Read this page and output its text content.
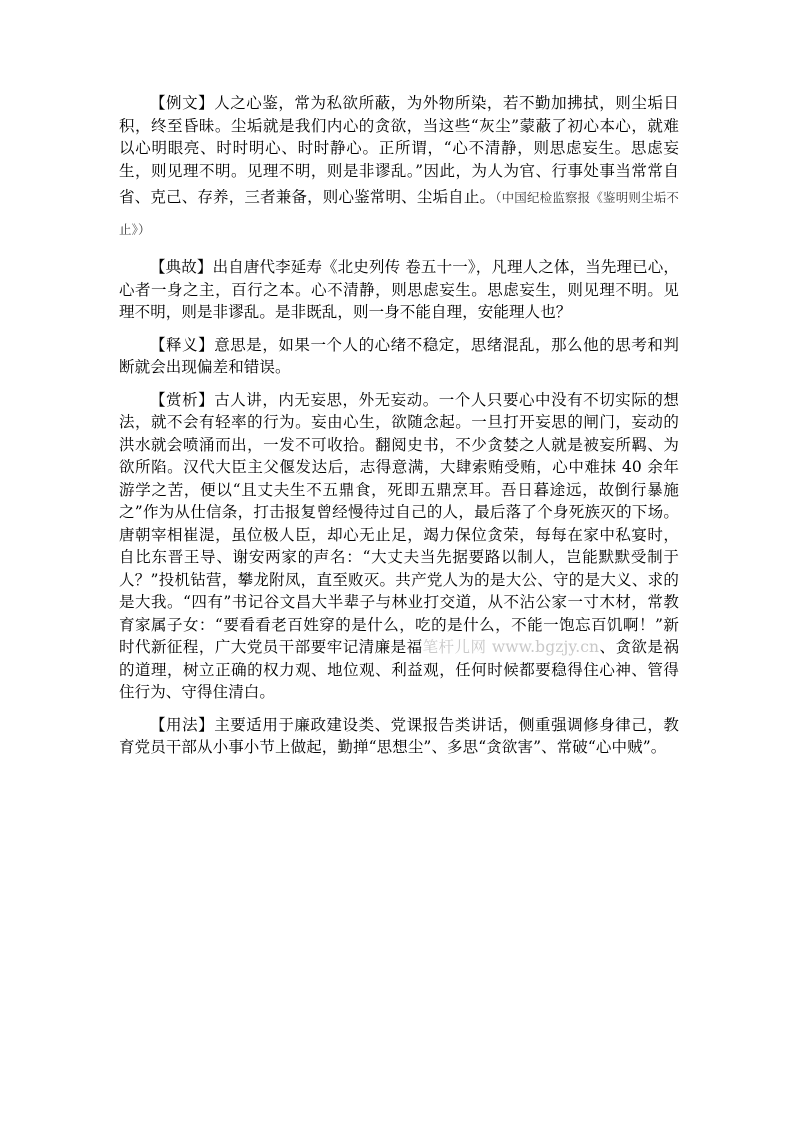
【例文】人之心鉴，常为私欲所蔽，为外物所染，若不勤加拂拭，则尘垢日积，终至昏昧。尘垢就是我们内心的贪欲，当这些“灰尘”蒙蔽了初心本心，就难以心明眼亮、时时明心、时时静心。正所谓，“心不清静，则思虑妄生。思虑妄生，则见理不明。见理不明，则是非谬乱。”因此，为人为官、行事处事当常常自省、克己、存养，三者兼备，则心鉴常明、尘垢自止。（中国纪检监察报《鉴明则尘垢不止》）

【典故】出自唐代李延寿《北史列传 卷五十一》，凡理人之体，当先理已心，心者一身之主，百行之本。心不清静，则思虑妄生。思虑妄生，则见理不明。见理不明，则是非谬乱。是非既乱，则一身不能自理，安能理人也？

【释义】意思是，如果一个人的心绪不稳定，思绪混乱，那么他的思考和判断就会出现偏差和错误。

【赏析】古人讲，内无妄思，外无妄动。一个人只要心中没有不切实际的想法，就不会有轻率的行为。妄由心生，欲随念起。一旦打开妄思的闸门，妄动的洪水就会喷涌而出，一发不可收拾。翻阅史书，不少贪婪之人就是被妄所羁、为欲所陷。汉代大臣主父偃发达后，志得意满，大肆索贿受贿，心中难抹 40 余年游学之苦，便以“且丈夫生不五鼎食，死即五鼎烹耳。吾日暮途远，故倒行暴施之”作为从仕信条，打击报复曾经慢待过自己的人，最后落了个身死族灭的下场。唐朝宰相崔湜，虽位极人臣，却心无止足，竭力保位贪荣，每每在家中私宴时，自比东晋王导、谢安两家的声名：“大丈夫当先据要路以制人，岂能默默受制于人？”投机钻营，攀龙附凤，直至败灭。共产党人为的是大公、守的是大义、求的是大我。“四有”书记谷文昌大半辈子与林业打交道，从不沾公家一寸木材，常教育家属子女：“要看看老百姓穿的是什么，吃的是什么，不能一饱忘百饥啊！”新时代新征程，广大党员干部要牢记清廉是福笔杆儿网 www.bgzjy.cn、贪欲是祸的道理，树立正确的权力观、地位观、利益观，任何时候都要稳得住心神、管得住行为、守得住清白。

【用法】主要适用于廉政建设类、党课报告类讲话，侧重强调修身律己，教育党员干部从小事小节上做起，勤掸“思想尘”、多思“贪欲害”、常破“心中贼”。
